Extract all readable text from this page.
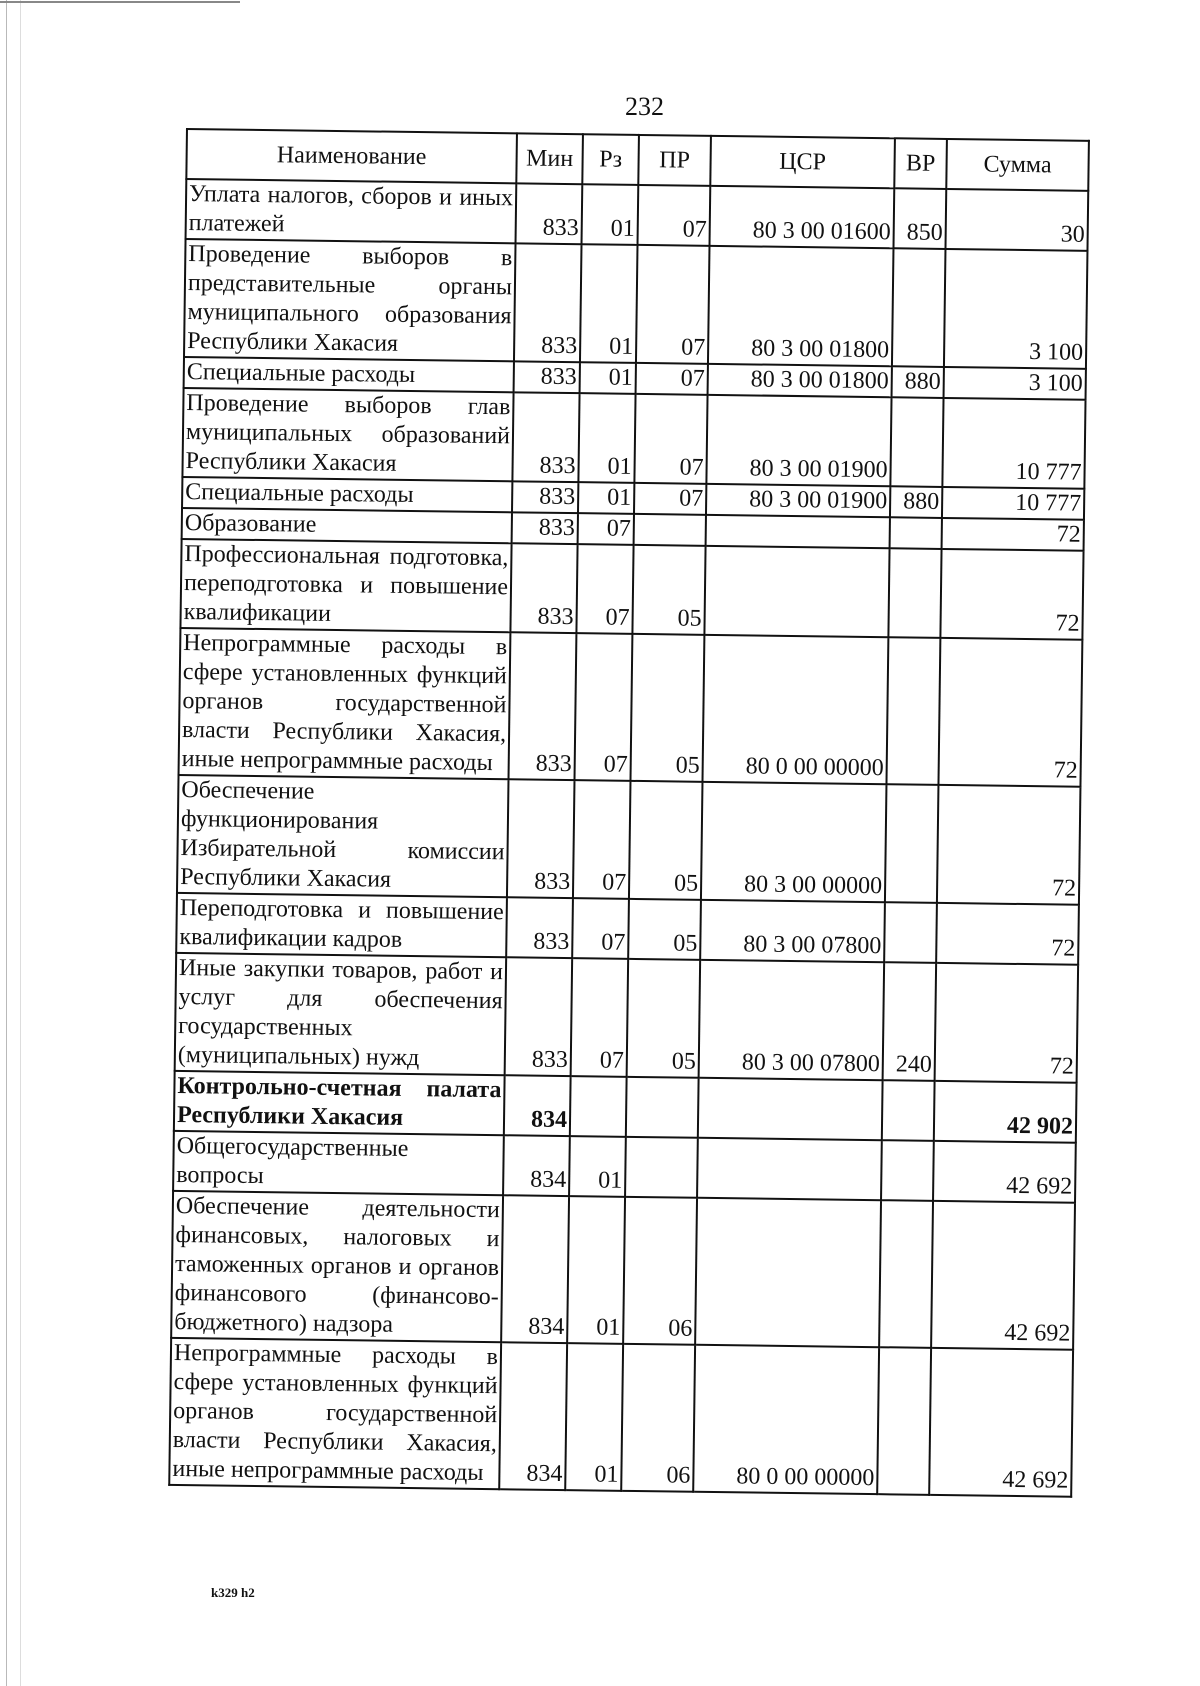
232
Наименование	Мин	Рз	ПР	ЦСР	ВР	Сумма
Уплата налогов, сборов и иных платежей	833	01	07	80 3 00 01600	850	30
Проведение выборов в представительные органы муниципального образования Республики Хакасия	833	01	07	80 3 00 01800		3 100
Специальные расходы	833	01	07	80 3 00 01800	880	3 100
Проведение выборов глав муниципальных образований Республики Хакасия	833	01	07	80 3 00 01900		10 777
Специальные расходы	833	01	07	80 3 00 01900	880	10 777
Образование	833	07				72
Профессиональная подготовка, переподготовка и повышение квалификации	833	07	05			72
Непрограммные расходы в сфере установленных функций органов государственной власти Республики Хакасия, иные непрограммные расходы	833	07	05	80 0 00 00000		72
Обеспечение функционирования Избирательной комиссии Республики Хакасия	833	07	05	80 3 00 00000		72
Переподготовка и повышение квалификации кадров	833	07	05	80 3 00 07800		72
Иные закупки товаров, работ и услуг для обеспечения государственных (муниципальных) нужд	833	07	05	80 3 00 07800	240	72
Контрольно-счетная палата Республики Хакасия	834					42 902
Общегосударственные вопросы	834	01				42 692
Обеспечение деятельности финансовых, налоговых и таможенных органов и органов финансового (финансово-бюджетного) надзора	834	01	06			42 692
Непрограммные расходы в сфере установленных функций органов государственной власти Республики Хакасия, иные непрограммные расходы	834	01	06	80 0 00 00000		42 692
k329 h2
